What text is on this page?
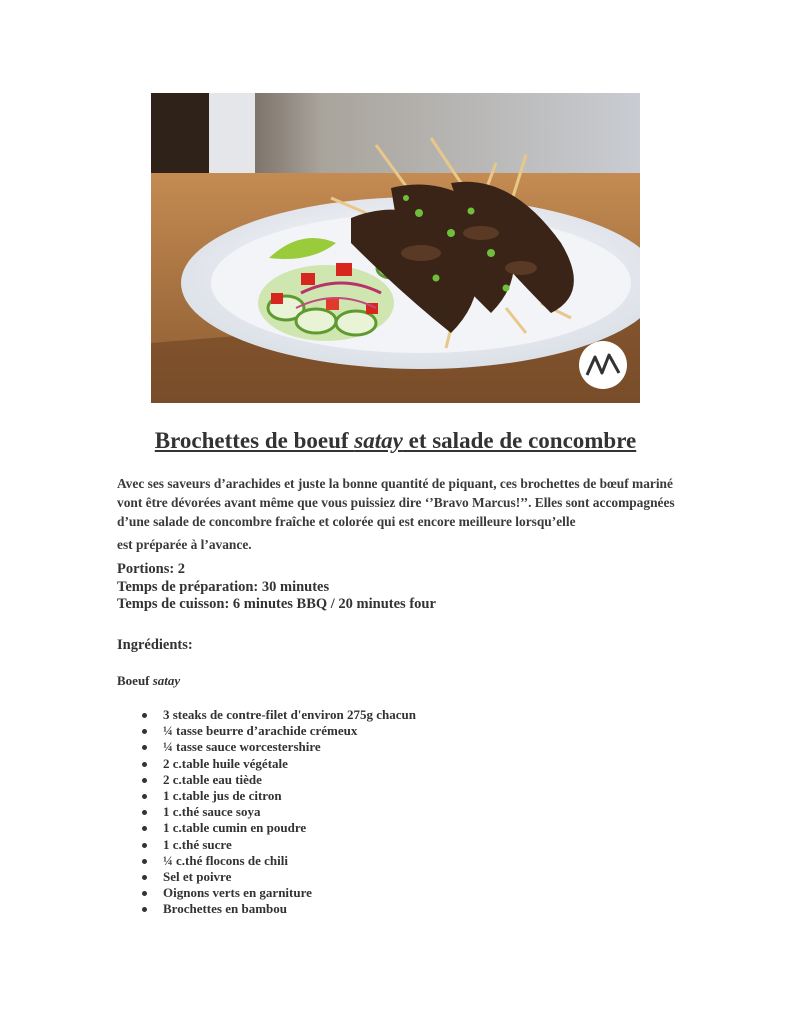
Brochettes de boeuf satay et salade de concombre

Avec ses saveurs d’arachides et juste la bonne quantité de piquant, ces brochettes de bœuf mariné vont être dévorées avant même que vous puissiez dire ‘’Bravo Marcus!’’. Elles sont accompagnées d’une salade de concombre fraîche et colorée qui est encore meilleure lorsqu’elle
est préparée à l’avance.

Portions: 2
Temps de préparation: 30 minutes
Temps de cuisson: 6 minutes BBQ / 20 minutes four
Ingrédients:
Boeuf satay
3 steaks de contre-filet d'environ 275g chacun
¼ tasse beurre d’arachide crémeux
¼ tasse sauce worcestershire
2 c.table huile végétale
2 c.table eau tiède
1 c.table jus de citron
1 c.thé sauce soya
1 c.table cumin en poudre
1 c.thé sucre
¼ c.thé flocons de chili
Sel et poivre
Oignons verts en garniture
Brochettes en bambou
